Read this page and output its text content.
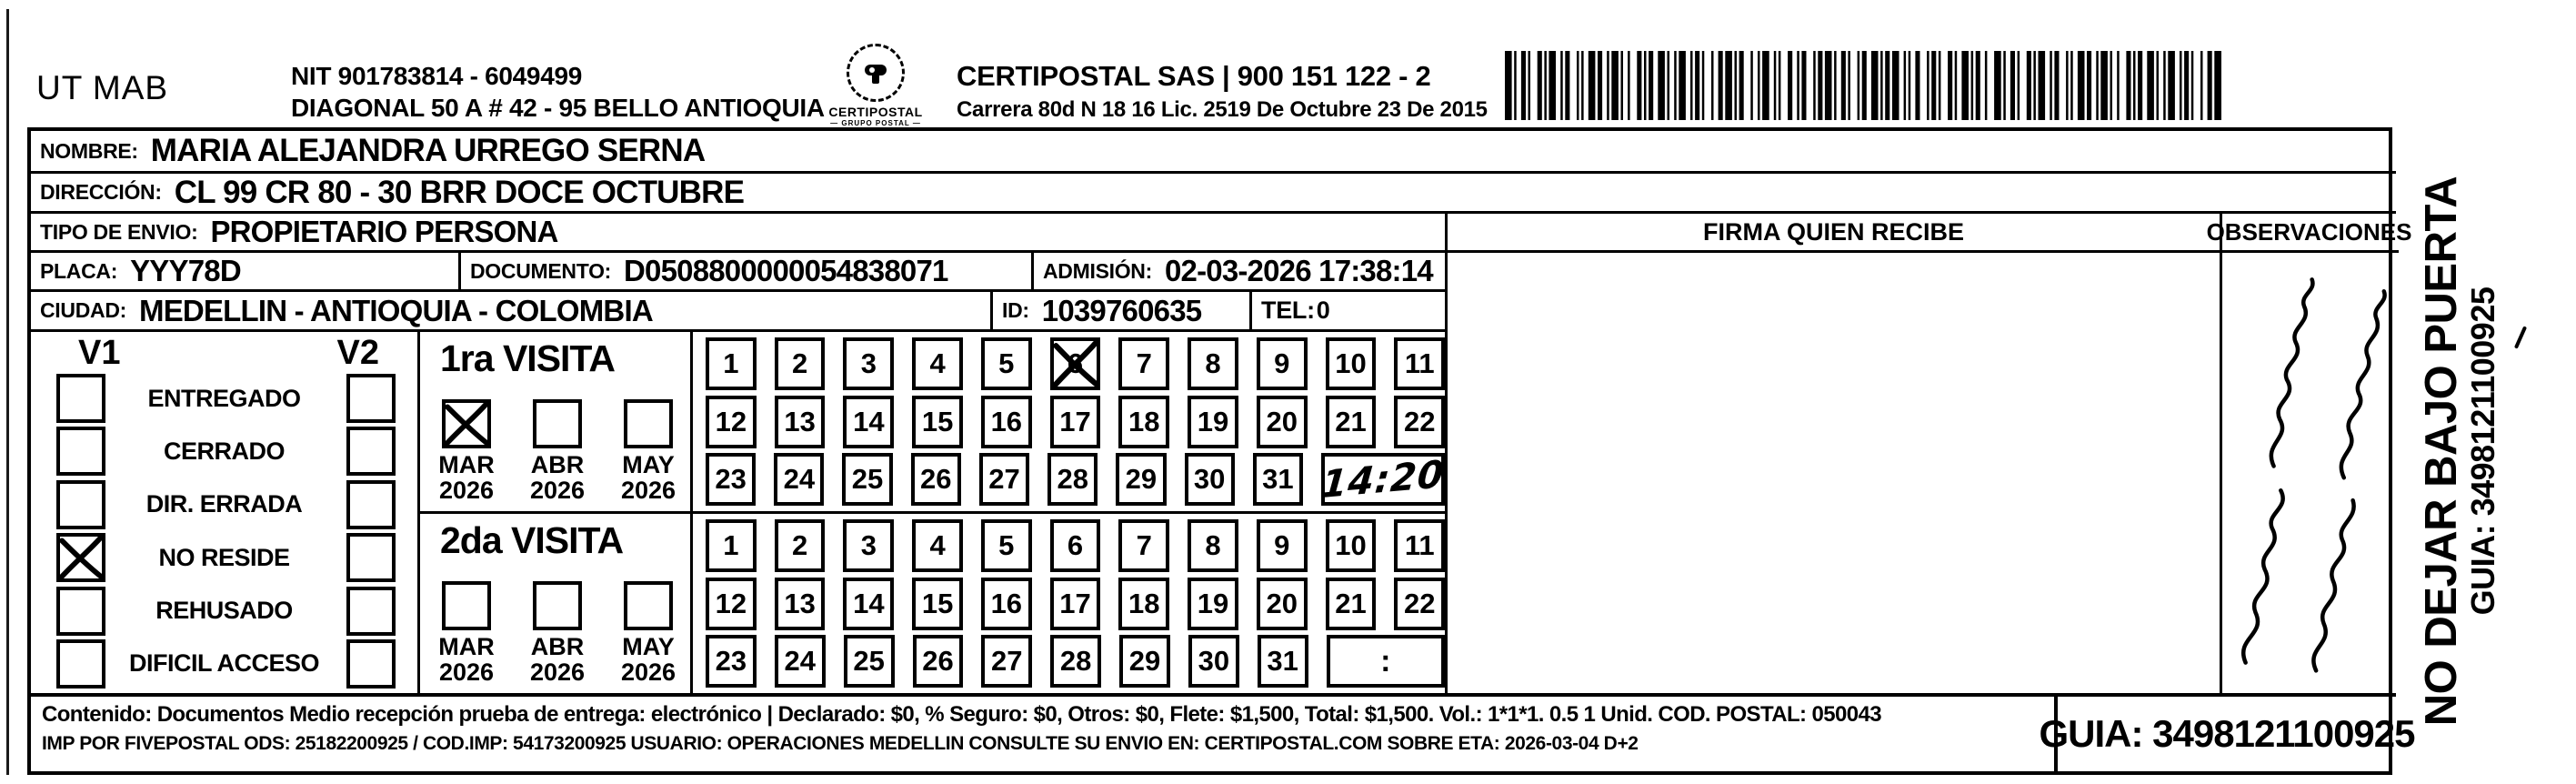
UT MAB	NIT 901783814 - 6049499
DIAGONAL 50 A # 42 - 95 BELLO ANTIOQUIA CERTIPOSTAL
— GRUPO POSTAL —
CERTIPOSTAL SAS | 900 151 122 - 2
Carrera 80d N 18 16 Lic. 2519 De Octubre 23 De 2015
NOMBRE: MARIA ALEJANDRA URREGO SERNA
DIRECCIÓN: CL 99 CR 80 - 30 BRR DOCE OCTUBRE
TIPO DE ENVIO: PROPIETARIO PERSONA	FIRMA QUIEN RECIBE	OBSERVACIONES
PLACA: YYY78D	DOCUMENTO: D0508800000054838071	ADMISIÓN: 02-03-2026 17:38:14
CIUDAD: MEDELLIN - ANTIOQUIA - COLOMBIA	ID: 1039760635 TEL: 0
V1	V2
ENTREGADO
CERRADO
DIR. ERRADA
NO RESIDE
REHUSADO
DIFICIL ACCESO
1ra VISITA
MAR
2026
ABR
2026
MAY
2026
2da VISITA
MAR
2026
ABR
2026
MAY
2026
1	2	3	4	5	6	7	8	9	10	11
12	13	14	15	16	17	18	19	20	21	22
23	24	25	26	27	28	29	30	31 14:20
1	2	3	4	5	6	7	8	9	10	11
12	13	14	15	16	17	18	19	20	21	22
23	24	25	26	27	28	29	30	31	:
Contenido: Documentos Medio recepción prueba de entrega: electrónico | Declarado: $0, % Seguro: $0, Otros: $0, Flete: $1,500, Total: $1,500. Vol.: 1*1*1. 0.5 1 Unid. COD. POSTAL: 050043
IMP POR FIVEPOSTAL ODS: 25182200925 / COD.IMP: 54173200925 USUARIO: OPERACIONES MEDELLIN CONSULTE SU ENVIO EN: CERTIPOSTAL.COM SOBRE ETA: 2026-03-04 D+2	GUIA: 3498121100925
NO DEJAR BAJO PUERTA
GUIA: 3498121100925
